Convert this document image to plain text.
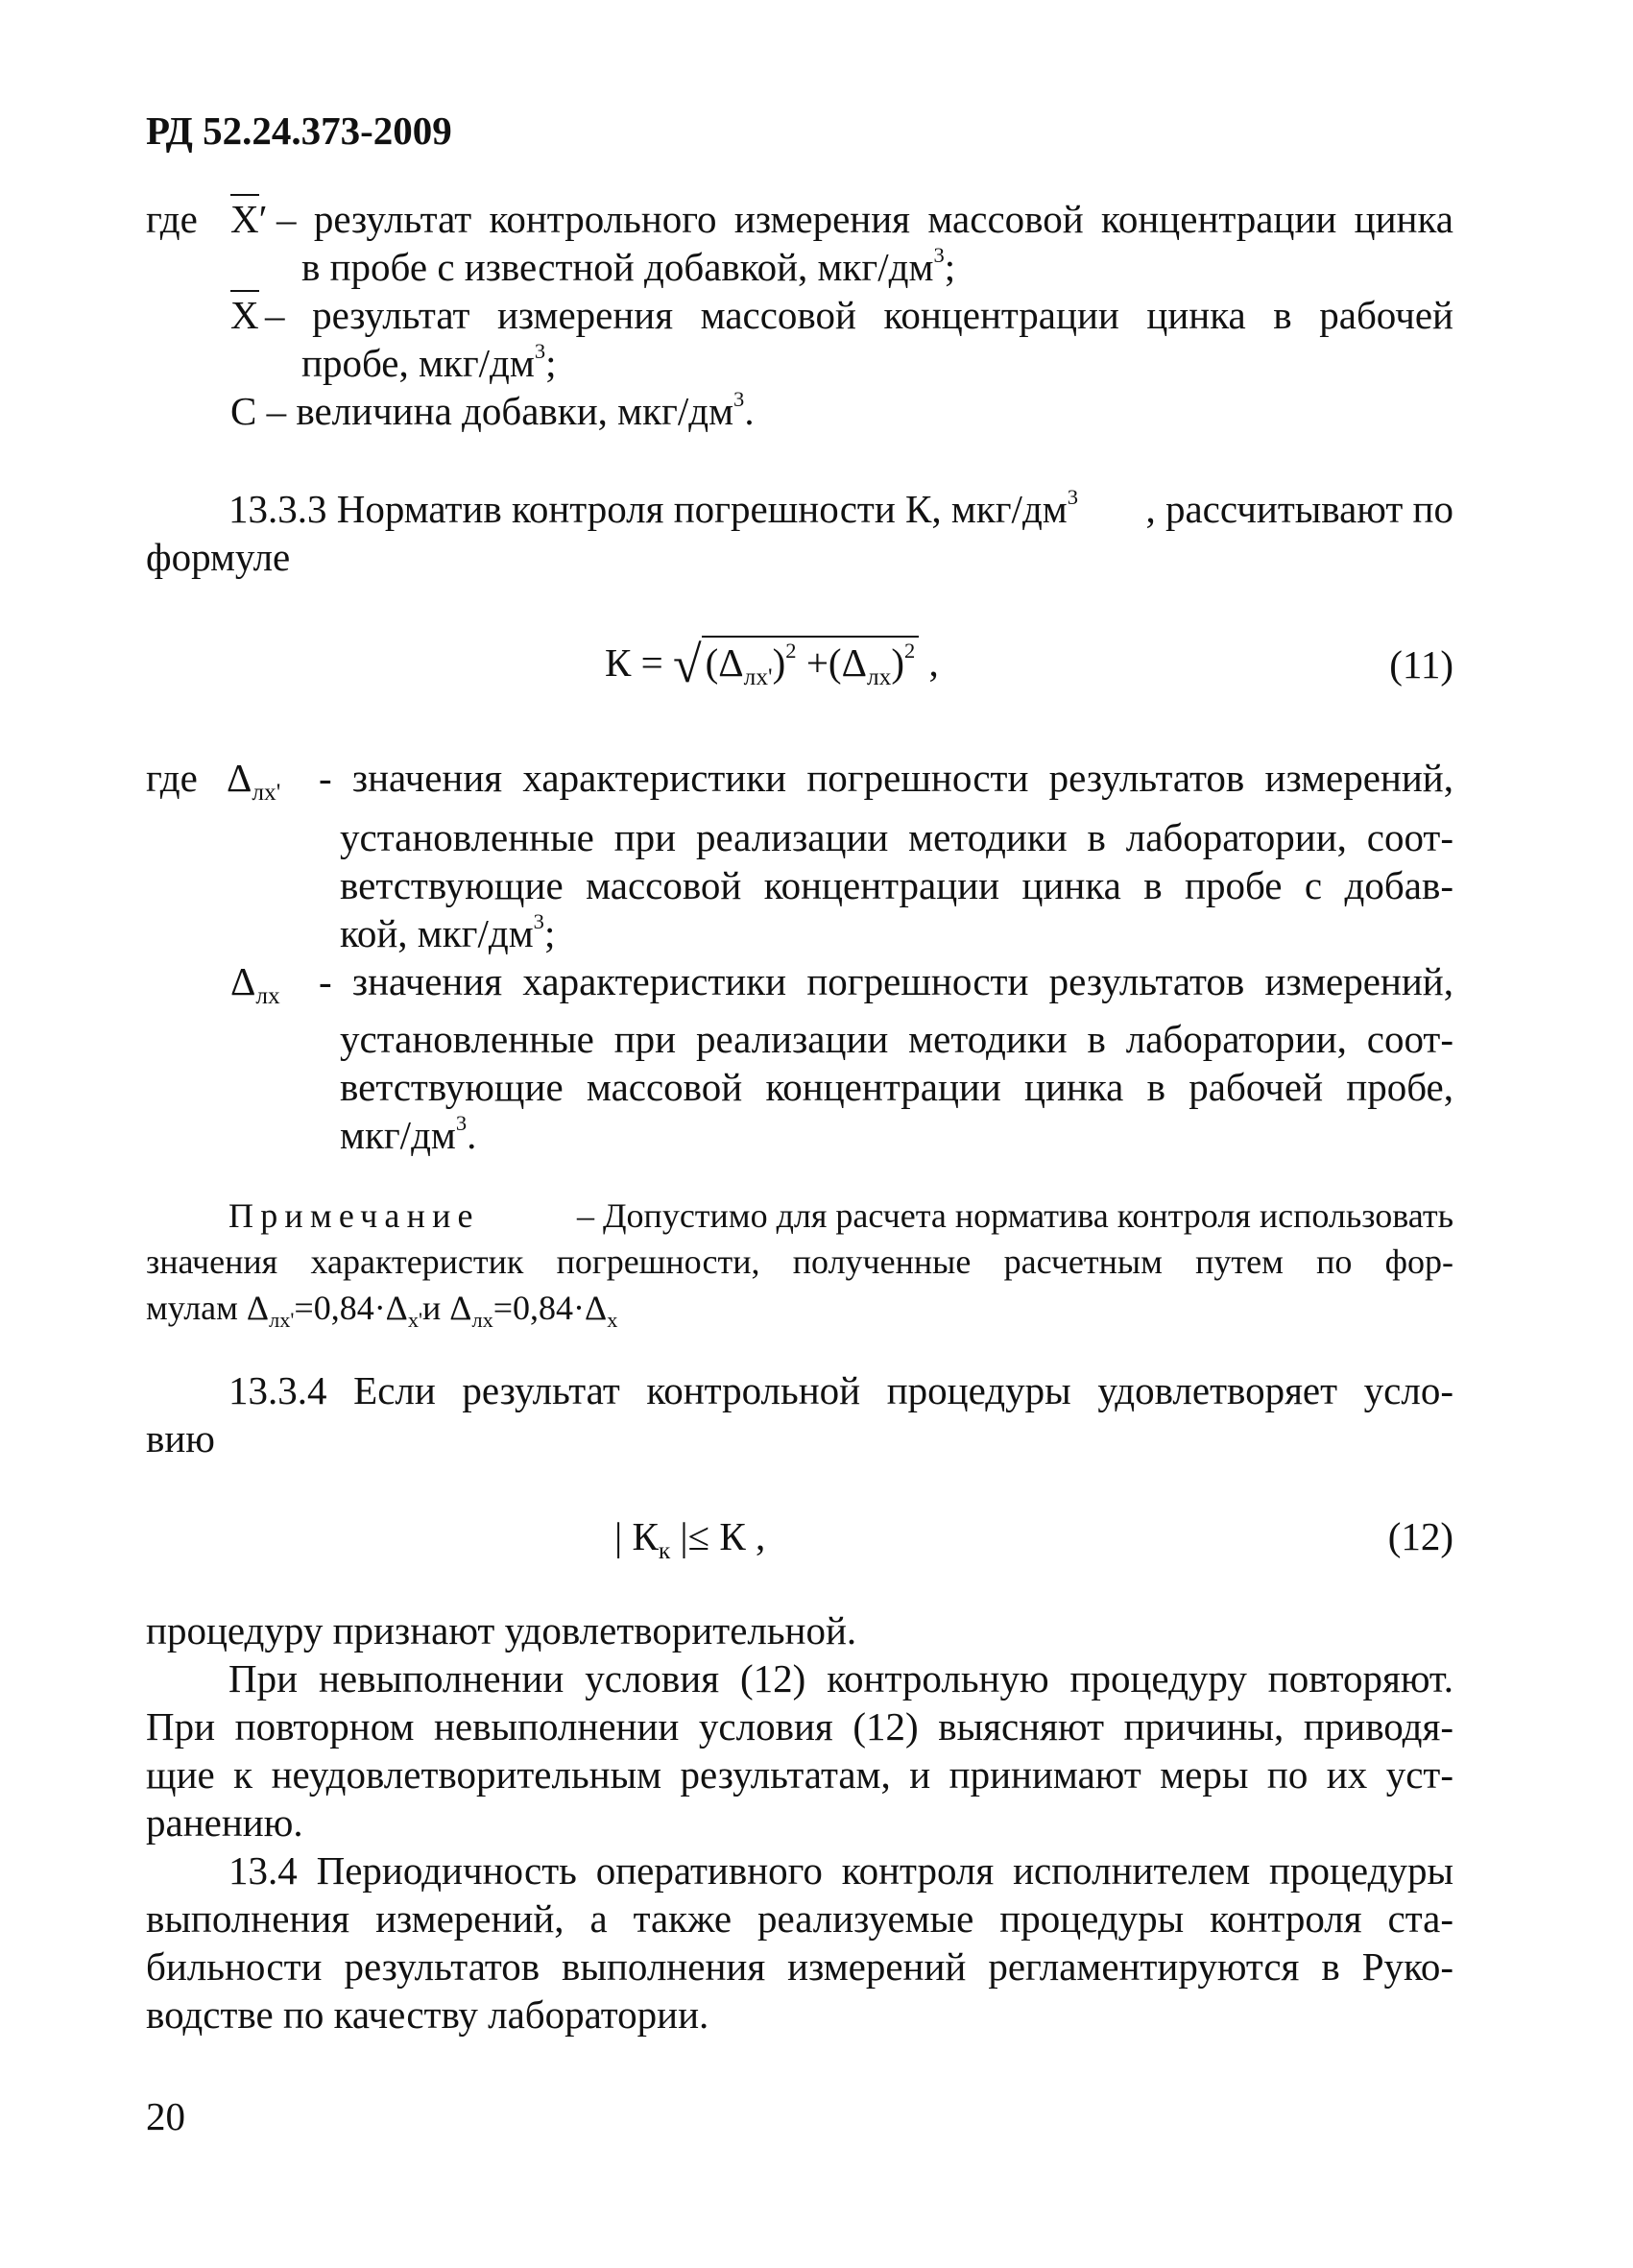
РД 52.24.373-2009
где X′ – результат контрольного измерения массовой концентрации цинка
в пробе с известной добавкой, мкг/$дм^3$;
X – результат измерения массовой концентрации цинка в рабочей
пробе, мкг/$дм^3$;
С – величина добавки, мкг/$дм^3$.
13.3.3 Норматив контроля погрешности К, мкг/$дм^3$ , рассчитывают по
формуле
$К = √(\Delta_{лх'})^2 +(\Delta_{лх})^2$ ,	(11)
где $\Delta_{лх'}$ - значения характеристики погрешности результатов измерений,
установленные при реализации методики в лаборатории, соот-
ветствующие массовой концентрации цинка в пробе с добав-
кой, мкг/$дм^3$;
$\Delta_{лх}$ - значения характеристики погрешности результатов измерений,
установленные при реализации методики в лаборатории, соот-
ветствующие массовой концентрации цинка в рабочей пробе,
мкг/$дм^3$.
Примечание	– Допустимо для расчета норматива контроля использовать
значения характеристик погрешности, полученные расчетным путем по фор-
мулам $\Delta_{лх'}=0,84\cdot\Delta_{х'}и$ $\Delta_{лх}=0,84\cdot\Delta_х$
13.3.4 Если результат контрольной процедуры удовлетворяет усло-
вию
| $К_к$ |≤ К ,	(12)
процедуру признают удовлетворительной.
При невыполнении условия (12) контрольную процедуру повторяют.
При повторном невыполнении условия (12) выясняют причины, приводя-
щие к неудовлетворительным результатам, и принимают меры по их уст-
ранению.
13.4 Периодичность оперативного контроля исполнителем процедуры
выполнения измерений, а также реализуемые процедуры контроля ста-
бильности результатов выполнения измерений регламентируются в Руко-
водстве по качеству лаборатории.
20
